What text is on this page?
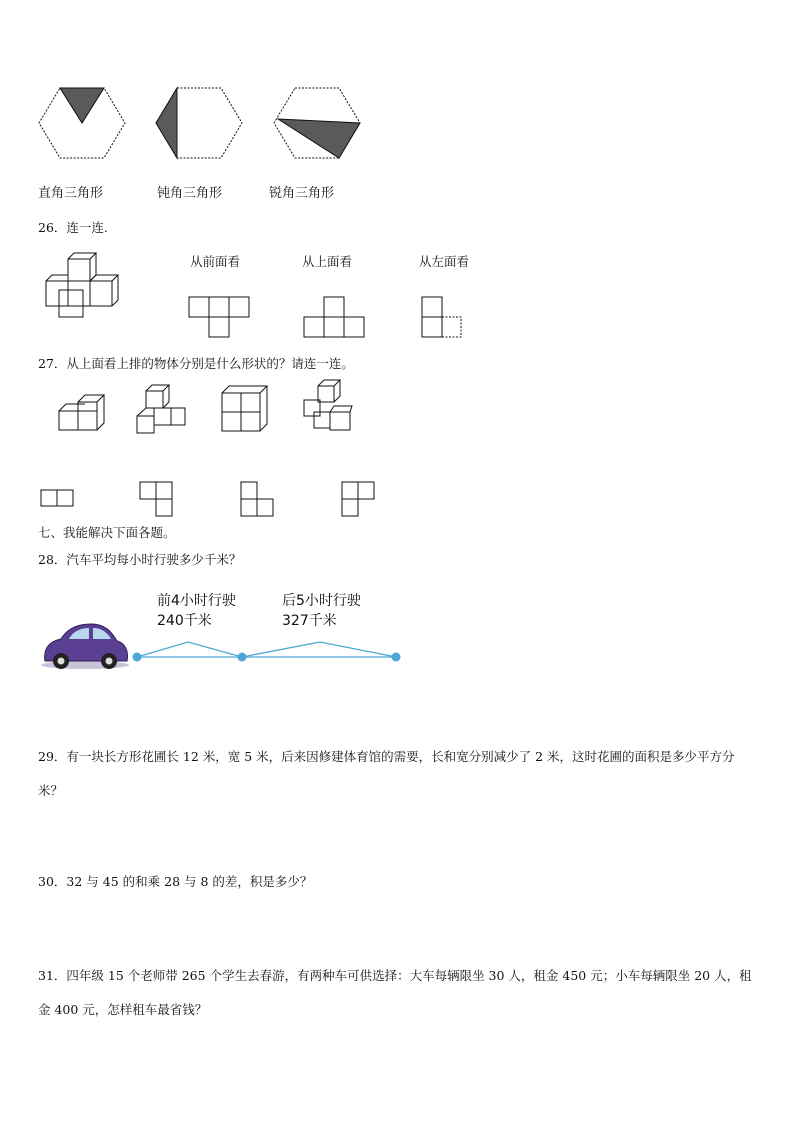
直角三角形	钝角三角形	锐角三角形
26．连一连.
从前面看	从上面看	从左面看
27．从上面看上排的物体分别是什么形状的？请连一连。
七、我能解决下面各题。
28．汽车平均每小时行驶多少千米？
前4小时行驶
240千米
后5小时行驶
327千米
29．有一块长方形花圃长 12 米，宽 5 米，后来因修建体育馆的需要，长和宽分别减少了 2 米，这时花圃的面积是多少平方分米？
30．32 与 45 的和乘 28 与 8 的差，积是多少？
31．四年级 15 个老师带 265 个学生去春游，有两种车可供选择：大车每辆限坐 30 人，租金 450 元；小车每辆限坐 20 人，租金 400 元，怎样租车最省钱？
